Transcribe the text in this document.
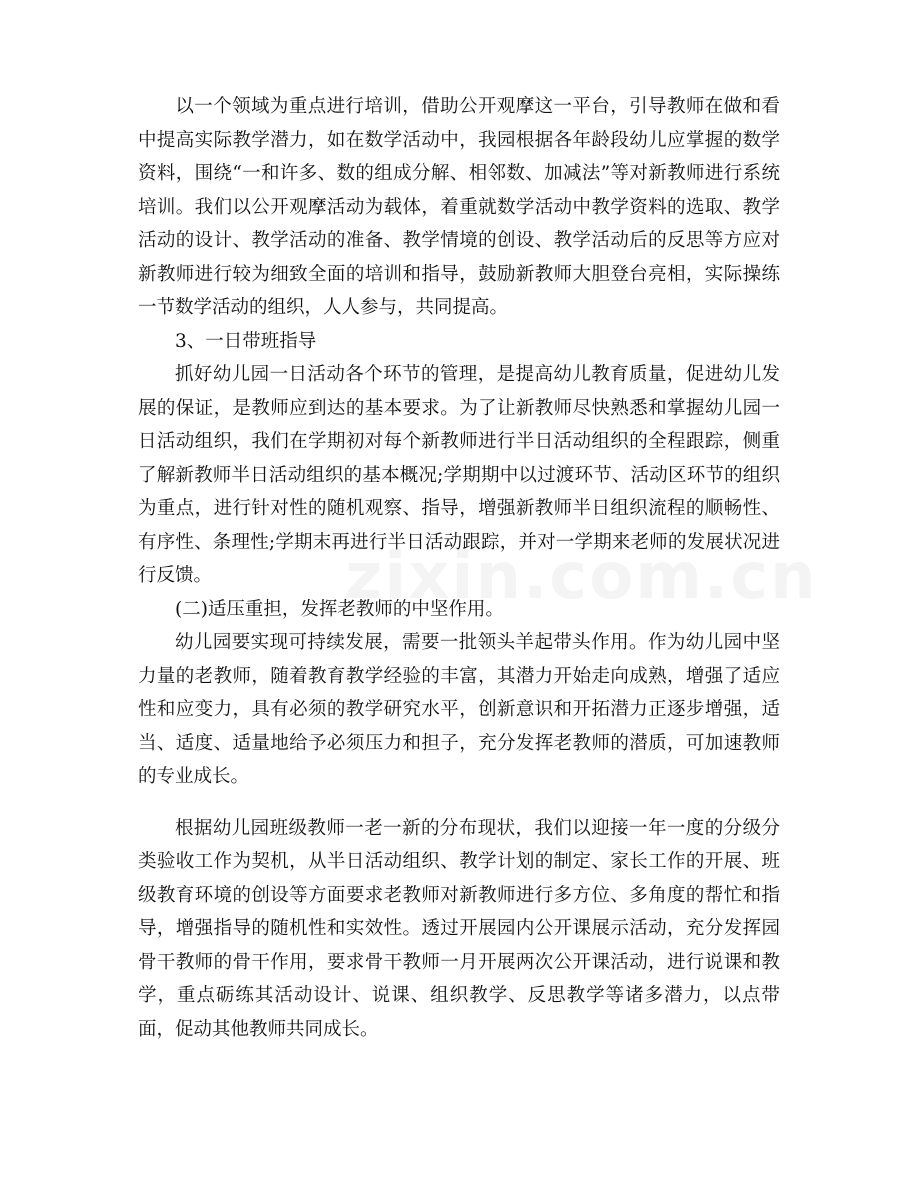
以一个领域为重点进行培训，借助公开观摩这一平台，引导教师在做和看中提高实际教学潜力，如在数学活动中，我园根据各年龄段幼儿应掌握的数学资料，围绕“一和许多、数的组成分解、相邻数、加减法”等对新教师进行系统培训。我们以公开观摩活动为载体，着重就数学活动中教学资料的选取、教学活动的设计、教学活动的准备、教学情境的创设、教学活动后的反思等方应对新教师进行较为细致全面的培训和指导，鼓励新教师大胆登台亮相，实际操练一节数学活动的组织，人人参与，共同提高。

3、一日带班指导

抓好幼儿园一日活动各个环节的管理，是提高幼儿教育质量，促进幼儿发展的保证，是教师应到达的基本要求。为了让新教师尽快熟悉和掌握幼儿园一日活动组织，我们在学期初对每个新教师进行半日活动组织的全程跟踪，侧重了解新教师半日活动组织的基本概况;学期期中以过渡环节、活动区环节的组织为重点，进行针对性的随机观察、指导，增强新教师半日组织流程的顺畅性、有序性、条理性;学期末再进行半日活动跟踪，并对一学期来老师的发展状况进行反馈。

(二)适压重担，发挥老教师的中坚作用。

幼儿园要实现可持续发展，需要一批领头羊起带头作用。作为幼儿园中坚力量的老教师，随着教育教学经验的丰富，其潜力开始走向成熟，增强了适应性和应变力，具有必须的教学研究水平，创新意识和开拓潜力正逐步增强，适当、适度、适量地给予必须压力和担子，充分发挥老教师的潜质，可加速教师的专业成长。

根据幼儿园班级教师一老一新的分布现状，我们以迎接一年一度的分级分类验收工作为契机，从半日活动组织、教学计划的制定、家长工作的开展、班级教育环境的创设等方面要求老教师对新教师进行多方位、多角度的帮忙和指导，增强指导的随机性和实效性。透过开展园内公开课展示活动，充分发挥园骨干教师的骨干作用，要求骨干教师一月开展两次公开课活动，进行说课和教学，重点砺练其活动设计、说课、组织教学、反思教学等诸多潜力，以点带面，促动其他教师共同成长。
